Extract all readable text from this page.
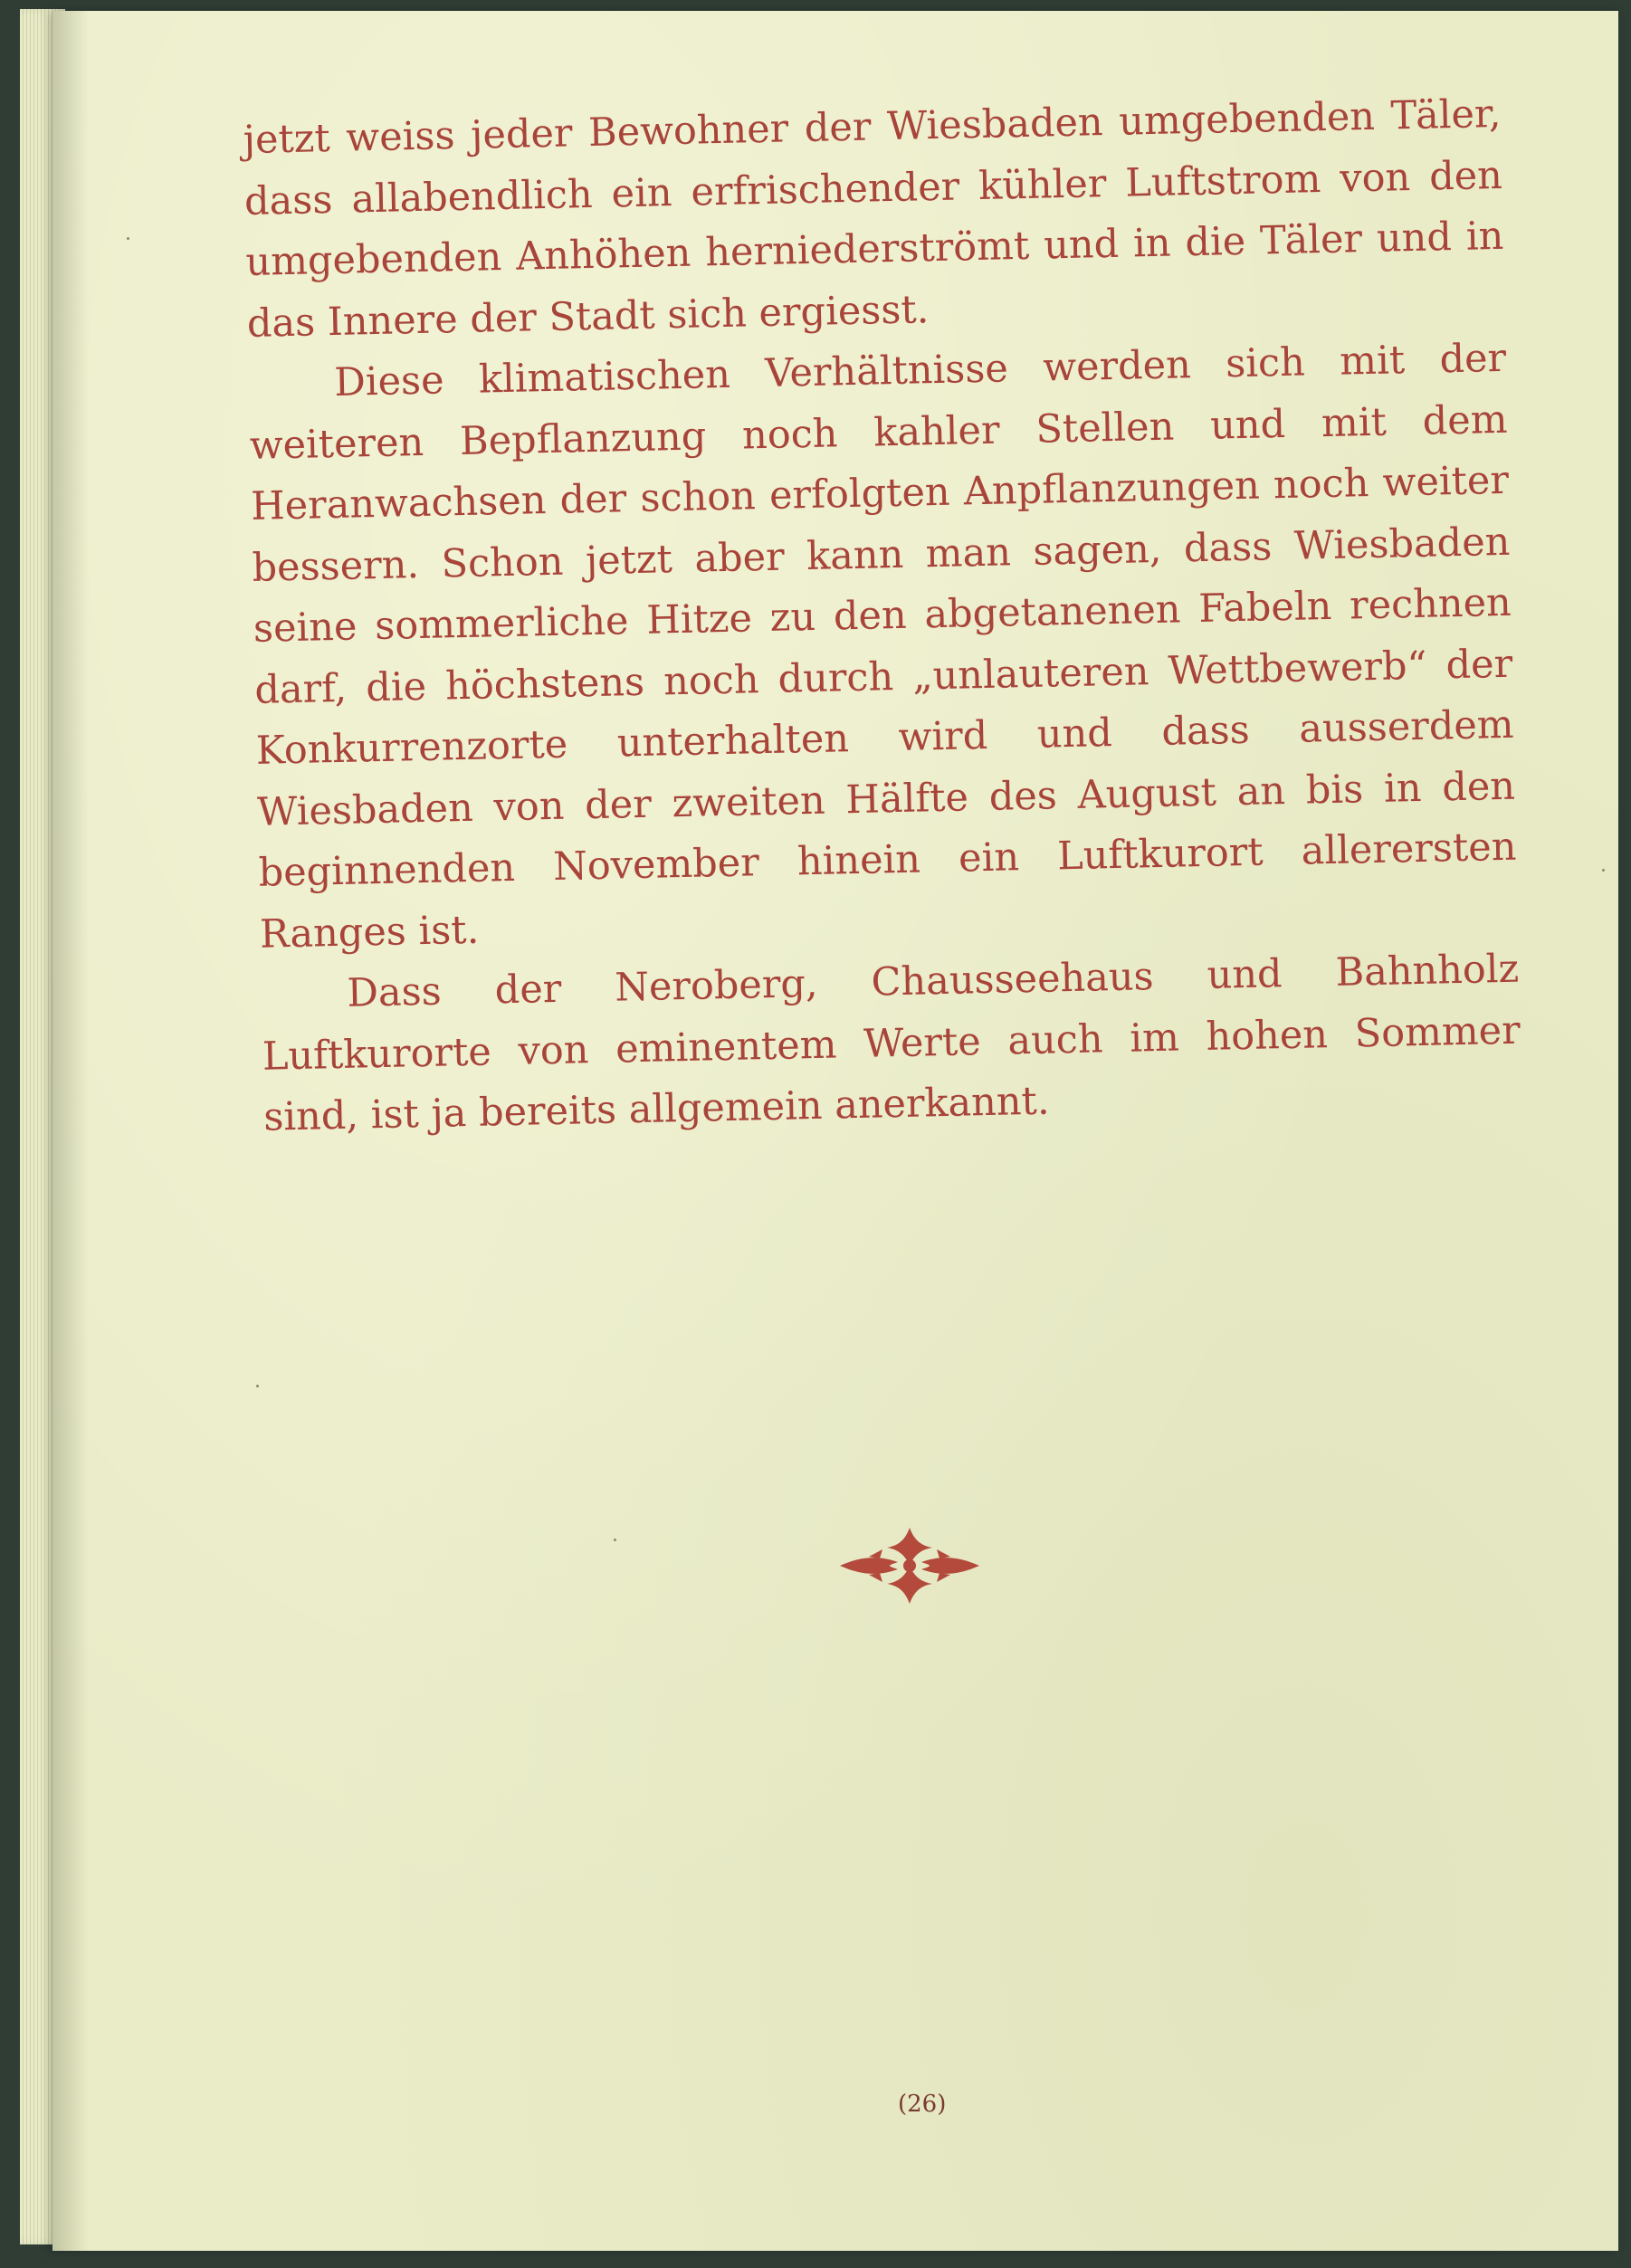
jetzt weiss jeder Bewohner der Wiesbaden umgebenden Täler, dass allabendlich ein erfrischender kühler Luftstrom von den umgebenden Anhöhen herniederströmt und in die Täler und in das Innere der Stadt sich ergiesst.

Diese klimatischen Verhältnisse werden sich mit der weiteren Bepflanzung noch kahler Stellen und mit dem Heranwachsen der schon erfolgten Anpflanzungen noch weiter bessern. Schon jetzt aber kann man sagen, dass Wiesbaden seine sommerliche Hitze zu den abgetanenen Fabeln rechnen darf, die höchstens noch durch „unlauteren Wettbewerb“ der Konkurrenzorte unterhalten wird und dass ausserdem Wiesbaden von der zweiten Hälfte des August an bis in den beginnenden November hinein ein Luftkurort allerersten Ranges ist.

Dass der Neroberg, Chausseehaus und Bahnholz Luftkurorte von eminentem Werte auch im hohen Sommer sind, ist ja bereits allgemein anerkannt.

(26)
